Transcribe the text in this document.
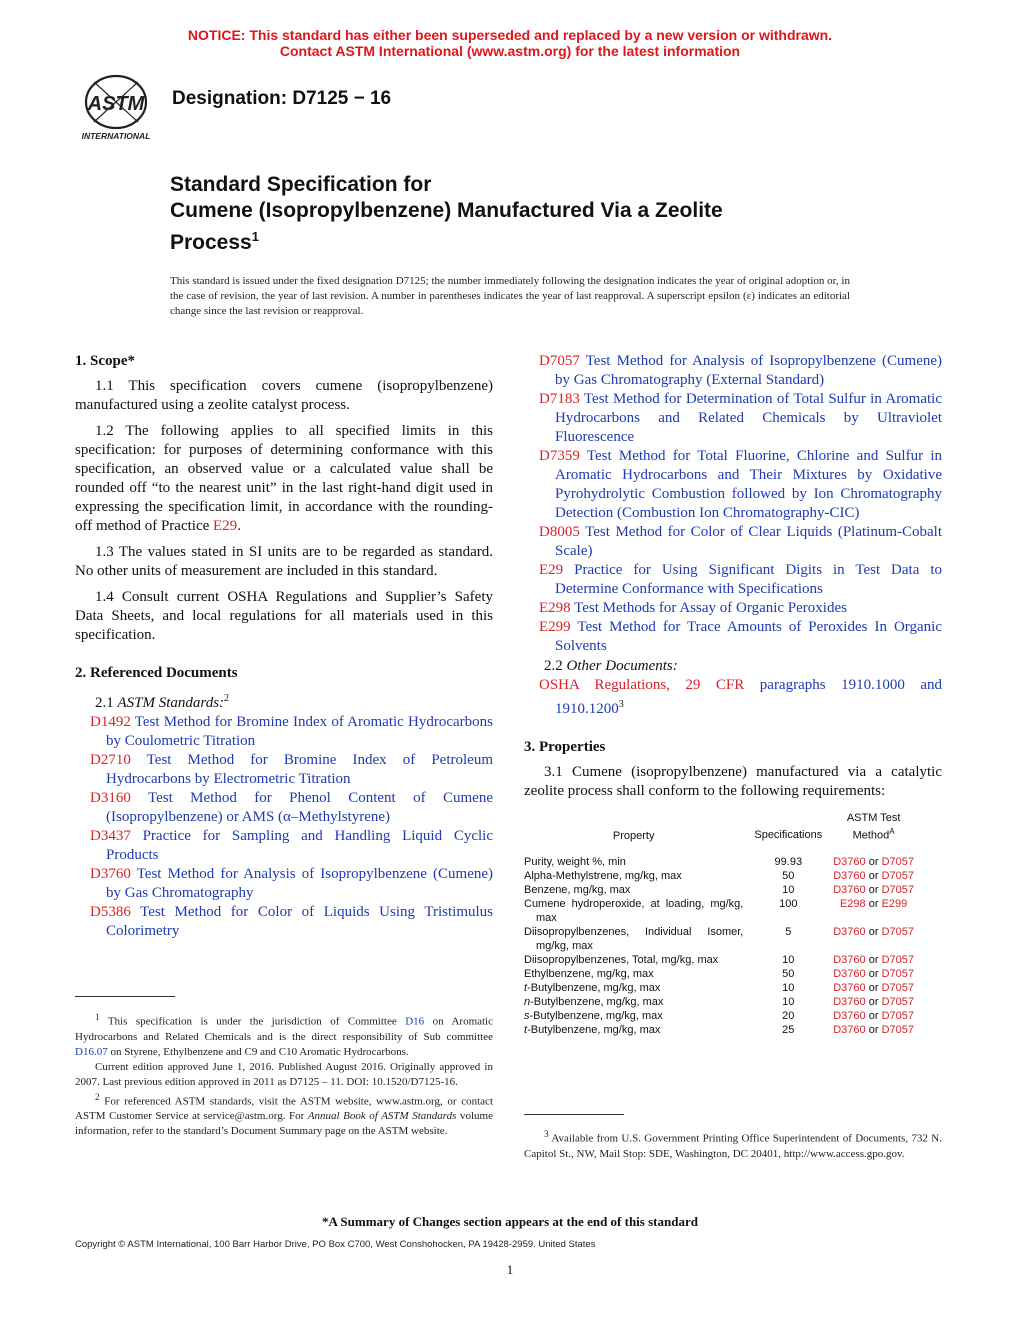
NOTICE: This standard has either been superseded and replaced by a new version or withdrawn.
Contact ASTM International (www.astm.org) for the latest information
ASTM
INTERNATIONAL
Designation: D7125 − 16
Standard Specification for
Cumene (Isopropylbenzene) Manufactured Via a Zeolite
Process$^1$
This standard is issued under the fixed designation D7125; the number immediately following the designation indicates the year of original adoption or, in the case of revision, the year of last revision. A number in parentheses indicates the year of last reapproval. A superscript epsilon (ε) indicates an editorial change since the last revision or reapproval.
1. Scope*

1.1 This specification covers cumene (isopropylbenzene) manufactured using a zeolite catalyst process.

1.2 The following applies to all specified limits in this specification: for purposes of determining conformance with this specification, an observed value or a calculated value shall be rounded off “to the nearest unit” in the last right-hand digit used in expressing the specification limit, in accordance with the rounding-off method of Practice E29.

1.3 The values stated in SI units are to be regarded as standard. No other units of measurement are included in this standard.

1.4 Consult current OSHA Regulations and Supplier’s Safety Data Sheets, and local regulations for all materials used in this specification.

2. Referenced Documents

2.1 ASTM Standards:$^2$

D1492 Test Method for Bromine Index of Aromatic Hydrocarbons by Coulometric Titration

D2710 Test Method for Bromine Index of Petroleum Hydrocarbons by Electrometric Titration

D3160 Test Method for Phenol Content of Cumene (Isopropylbenzene) or AMS (α–Methylstyrene)

D3437 Practice for Sampling and Handling Liquid Cyclic Products

D3760 Test Method for Analysis of Isopropylbenzene (Cumene) by Gas Chromatography

D5386 Test Method for Color of Liquids Using Tristimulus Colorimetry

$^1$ This specification is under the jurisdiction of Committee D16 on Aromatic Hydrocarbons and Related Chemicals and is the direct responsibility of Sub committee D16.07 on Styrene, Ethylbenzene and C9 and C10 Aromatic Hydrocarbons.

Current edition approved June 1, 2016. Published August 2016. Originally approved in 2007. Last previous edition approved in 2011 as D7125 – 11. DOI: 10.1520/D7125-16.

$^2$ For referenced ASTM standards, visit the ASTM website, www.astm.org, or contact ASTM Customer Service at service@astm.org. For Annual Book of ASTM Standards volume information, refer to the standard’s Document Summary page on the ASTM website.

D7057 Test Method for Analysis of Isopropylbenzene (Cumene) by Gas Chromatography (External Standard)

D7183 Test Method for Determination of Total Sulfur in Aromatic Hydrocarbons and Related Chemicals by Ultraviolet Fluorescence

D7359 Test Method for Total Fluorine, Chlorine and Sulfur in Aromatic Hydrocarbons and Their Mixtures by Oxidative Pyrohydrolytic Combustion followed by Ion Chromatography Detection (Combustion Ion Chromatography-CIC)

D8005 Test Method for Color of Clear Liquids (Platinum-Cobalt Scale)

E29 Practice for Using Significant Digits in Test Data to Determine Conformance with Specifications

E298 Test Methods for Assay of Organic Peroxides

E299 Test Method for Trace Amounts of Peroxides In Organic Solvents

2.2 Other Documents:

OSHA Regulations, 29 CFR paragraphs 1910.1000 and 1910.1200$^3$

3. Properties

3.1 Cumene (isopropylbenzene) manufactured via a catalytic zeolite process shall conform to the following requirements:

Property	Specifications	ASTM Test Method$^A$
Purity, weight %, min	99.93	D3760 or D7057
Alpha-Methylstrene, mg/kg, max	50	D3760 or D7057
Benzene, mg/kg, max	10	D3760 or D7057
Cumene hydroperoxide, at loading, mg/kg, max	100	E298 or E299
Diisopropylbenzenes, Individual Isomer, mg/kg, max	5	D3760 or D7057
Diisopropylbenzenes, Total, mg/kg, max	10	D3760 or D7057
Ethylbenzene, mg/kg, max	50	D3760 or D7057
t-Butylbenzene, mg/kg, max	10	D3760 or D7057
n-Butylbenzene, mg/kg, max	10	D3760 or D7057
s-Butylbenzene, mg/kg, max	20	D3760 or D7057
t-Butylbenzene, mg/kg, max	25	D3760 or D7057

$^3$ Available from U.S. Government Printing Office Superintendent of Documents, 732 N. Capitol St., NW, Mail Stop: SDE, Washington, DC 20401, http://www.access.gpo.gov.

*A Summary of Changes section appears at the end of this standard
Copyright © ASTM International, 100 Barr Harbor Drive, PO Box C700, West Conshohocken, PA 19428-2959. United States
1
